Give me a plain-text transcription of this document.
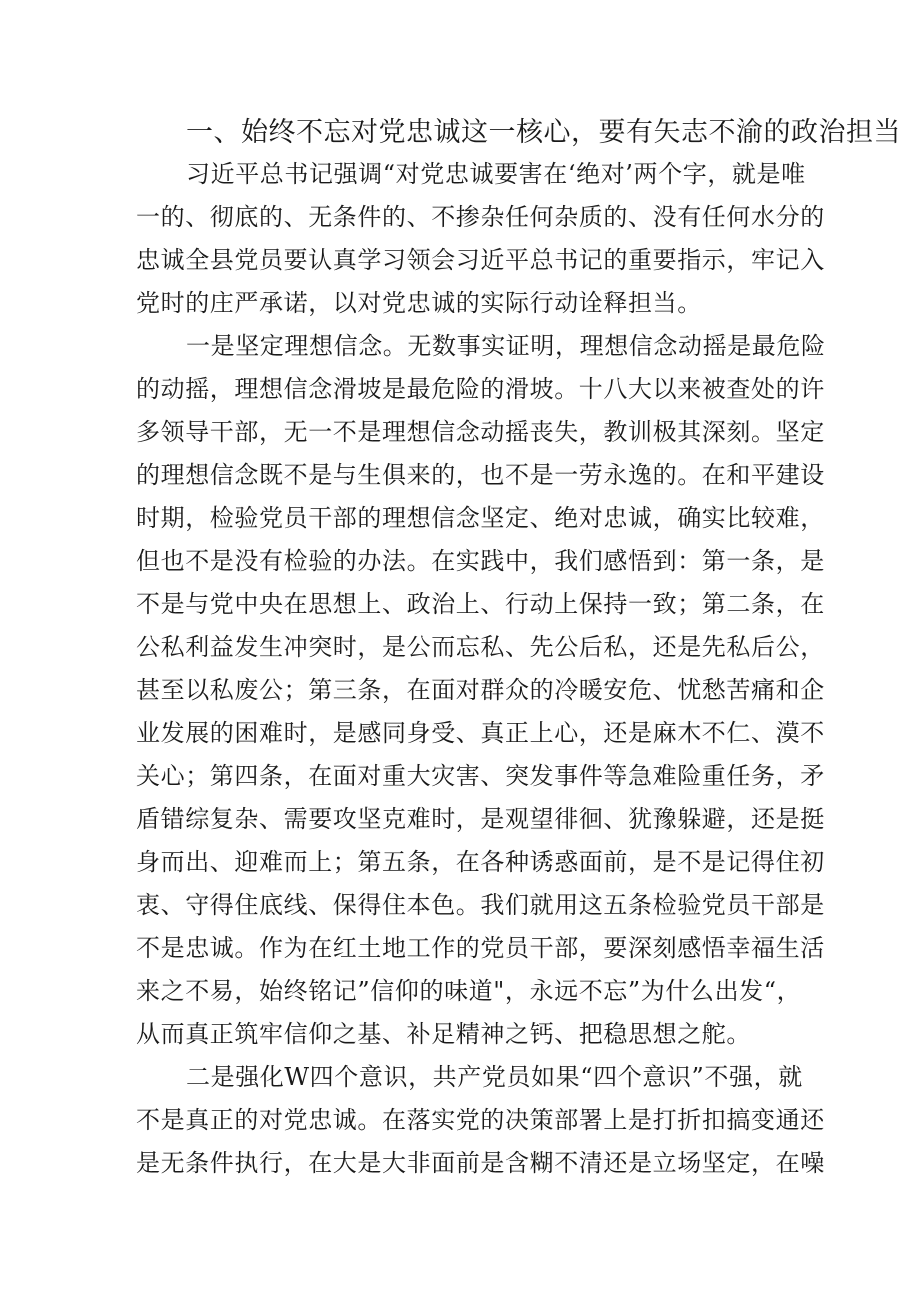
一、始终不忘对党忠诚这一核心，要有矢志不渝的政治担当
习近平总书记强调“对党忠诚要害在‘绝对’两个字，就是唯
一的、彻底的、无条件的、不掺杂任何杂质的、没有任何水分的
忠诚全县党员要认真学习领会习近平总书记的重要指示，牢记入
党时的庄严承诺，以对党忠诚的实际行动诠释担当。
一是坚定理想信念。无数事实证明，理想信念动摇是最危险
的动摇，理想信念滑坡是最危险的滑坡。十八大以来被查处的许
多领导干部，无一不是理想信念动摇丧失，教训极其深刻。坚定
的理想信念既不是与生俱来的，也不是一劳永逸的。在和平建设
时期，检验党员干部的理想信念坚定、绝对忠诚，确实比较难，
但也不是没有检验的办法。在实践中，我们感悟到：第一条，是
不是与党中央在思想上、政治上、行动上保持一致；第二条，在
公私利益发生冲突时，是公而忘私、先公后私，还是先私后公，
甚至以私废公；第三条，在面对群众的冷暖安危、忧愁苦痛和企
业发展的困难时，是感同身受、真正上心，还是麻木不仁、漠不
关心；第四条，在面对重大灾害、突发事件等急难险重任务，矛
盾错综复杂、需要攻坚克难时，是观望徘徊、犹豫躲避，还是挺
身而出、迎难而上；第五条，在各种诱惑面前，是不是记得住初
衷、守得住底线、保得住本色。我们就用这五条检验党员干部是
不是忠诚。作为在红土地工作的党员干部，要深刻感悟幸福生活
来之不易，始终铭记”信仰的味道"，永远不忘”为什么出发“，
从而真正筑牢信仰之基、补足精神之钙、把稳思想之舵。
二是强化W四个意识，共产党员如果“四个意识”不强，就
不是真正的对党忠诚。在落实党的决策部署上是打折扣搞变通还
是无条件执行，在大是大非面前是含糊不清还是立场坚定，在噪
